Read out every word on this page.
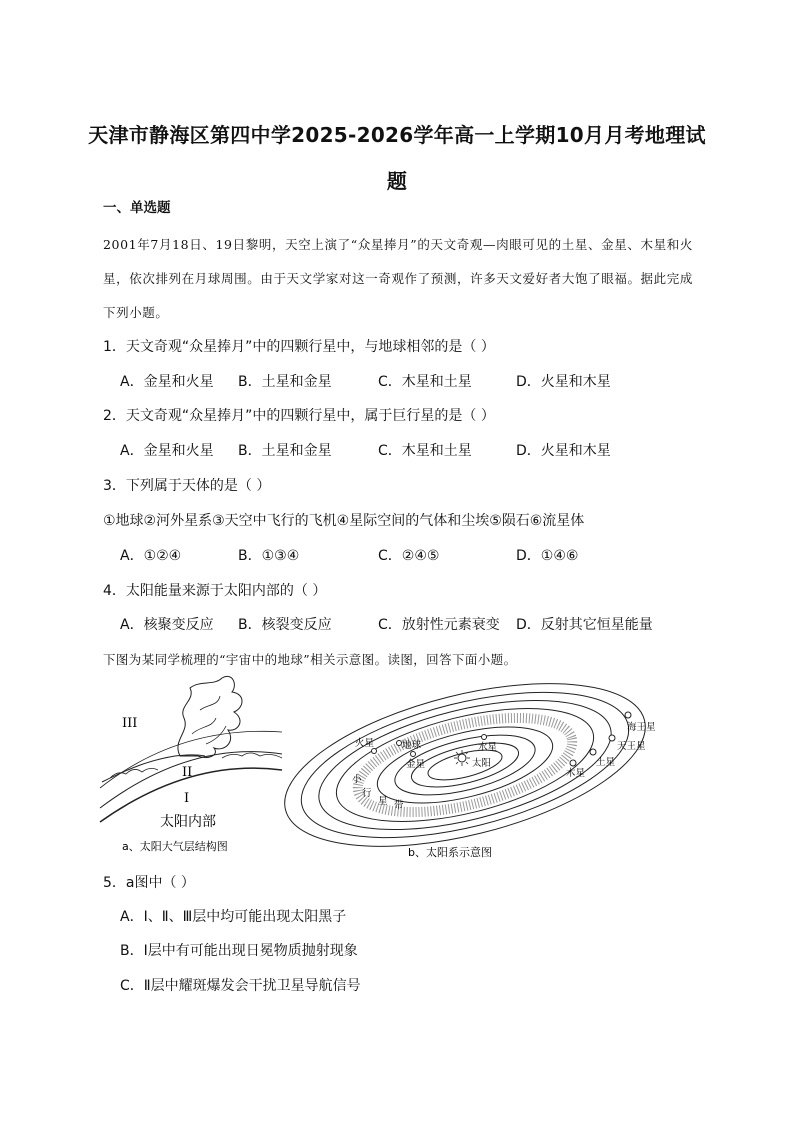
天津市静海区第四中学2025-2026学年高一上学期10月月考地理试
题
一、单选题
2001年7月18日、19日黎明，天空上演了“众星捧月”的天文奇观—肉眼可见的土星、金星、木星和火星，依次排列在月球周围。由于天文学家对这一奇观作了预测，许多天文爱好者大饱了眼福。据此完成下列小题。
1．天文奇观“众星捧月”中的四颗行星中，与地球相邻的是（ ）
A．金星和火星 B．土星和金星	C．木星和土星	D．火星和木星
2．天文奇观“众星捧月”中的四颗行星中，属于巨行星的是（ ）
A．金星和火星 B．土星和金星	C．木星和土星	D．火星和木星
3．下列属于天体的是（ ）
①地球②河外星系③天空中飞行的飞机④星际空间的气体和尘埃⑤陨石⑥流星体
A．①②④	B．①③④	C．②④⑤	D．①④⑥
4．太阳能量来源于太阳内部的（ ）
A．核聚变反应 B．核裂变反应	C．放射性元素衰变 D．反射其它恒星能量
下图为某同学梳理的“宇宙中的地球”相关示意图。读图，回答下面小题。
III
II
I
太阳内部
a、太阳大气层结构图
火星	地球	水星
金星	太阳
木星
土星
天王星
海王星
小
行
星 带
b、太阳系示意图
5．a图中（ ）
A．Ⅰ、Ⅱ、Ⅲ层中均可能出现太阳黑子
B．Ⅰ层中有可能出现日冕物质抛射现象
C．Ⅱ层中耀斑爆发会干扰卫星导航信号
